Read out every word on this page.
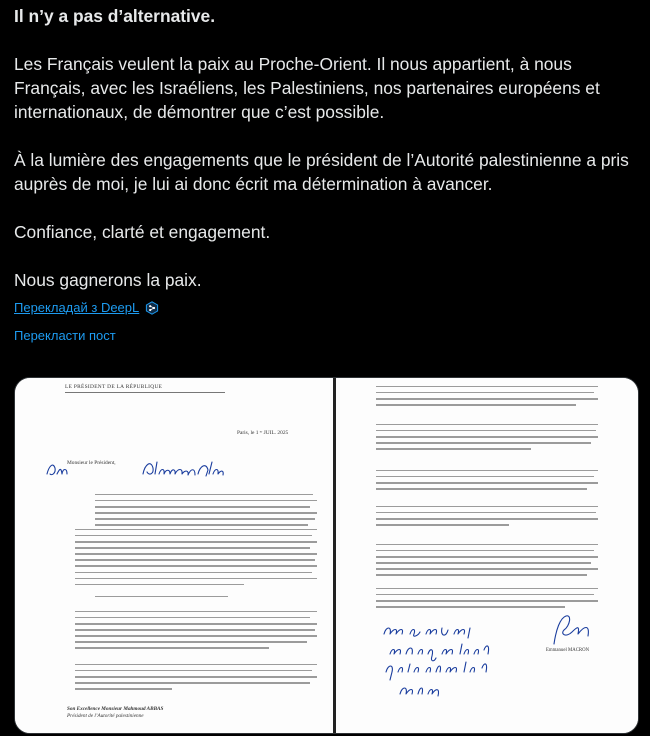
Il n’y a pas d’alternative.

Les Français veulent la paix au Proche-Orient. Il nous appartient, à nous Français, avec les Israéliens, les Palestiniens, nos partenaires européens et internationaux, de démontrer que c’est possible.

À la lumière des engagements que le président de l’Autorité palestinienne a pris auprès de moi, je lui ai donc écrit ma détermination à avancer.

Confiance, clarté et engagement.

Nous gagnerons la paix.

Перекладай з DeepL
Перекласти пост
LE PRÉSIDENT DE LA RÉPUBLIQUE
Paris, le 1 ᵉʳ JUIL. 2025
Monsieur le Président,
Son Excellence Monsieur Mahmoud ABBAS
Président de l’Autorité palestinienne
Emmanuel MACRON
